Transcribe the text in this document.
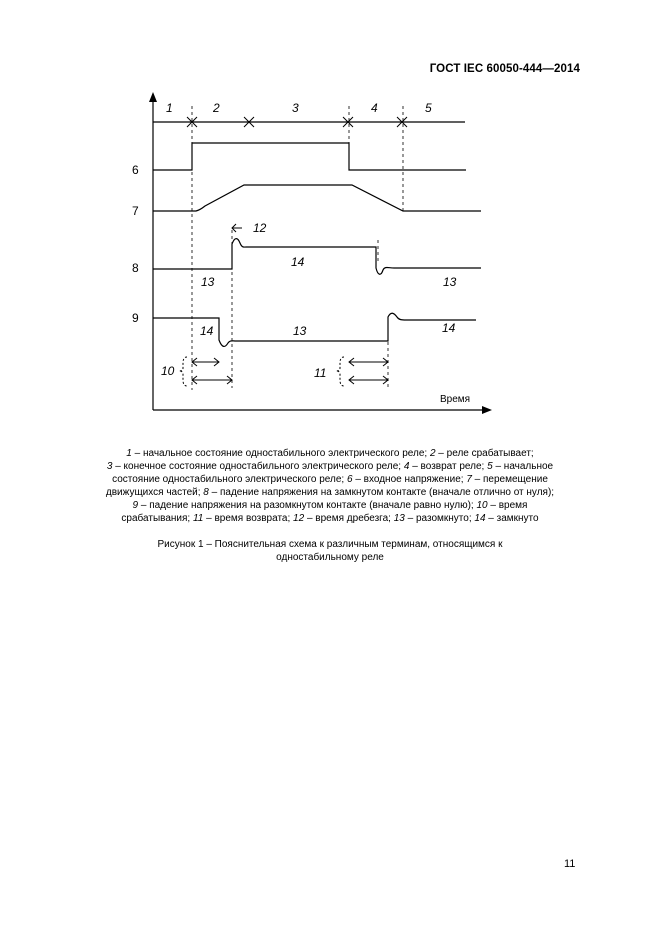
ГОСТ IEC 60050-444—2014
1	2	3	4	5
6
7
8
9
12
10	11
13
14
13
14	13	14
Время

1 – начальное состояние одностабильного электрического реле; 2 – реле срабатывает;

3 – конечное состояние одностабильного электрического реле; 4 – возврат реле; 5 – начальное

состояние одностабильного электрического реле; 6 – входное напряжение; 7 – перемещение

движущихся частей; 8 – падение напряжения на замкнутом контакте (вначале отлично от нуля);

9 – падение напряжения на разомкнутом контакте (вначале равно нулю); 10 – время

срабатывания; 11 – время возврата; 12 – время дребезга; 13 – разомкнуто; 14 – замкнуто

Рисунок 1 – Пояснительная схема к различным терминам, относящимся к
одностабильному реле
11
